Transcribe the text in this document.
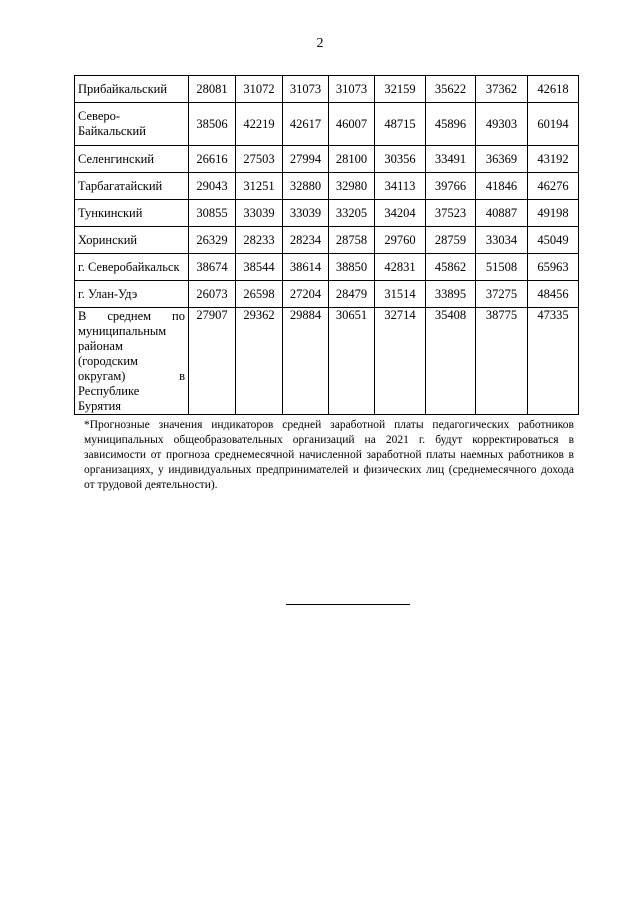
2
Прибайкальский	28081	31072	31073	31073	32159	35622	37362	42618
Северо-Байкальский	38506	42219	42617	46007	48715	45896	49303	60194
Селенгинский	26616	27503	27994	28100	30356	33491	36369	43192
Тарбагатайский	29043	31251	32880	32980	34113	39766	41846	46276
Тункинский	30855	33039	33039	33205	34204	37523	40887	49198
Хоринский	26329	28233	28234	28758	29760	28759	33034	45049
г. Северобайкальск	38674	38544	38614	38850	42831	45862	51508	65963
г. Улан-Удэ	26073	26598	27204	28479	31514	33895	37275	48456
В среднем по муниципальным районам (городским округам) в Республике Бурятия	27907	29362	29884	30651	32714	35408	38775	47335

*Прогнозные значения индикаторов средней заработной платы педагогических работников муниципальных общеобразовательных организаций на 2021 г. будут корректироваться в зависимости от прогноза среднемесячной начисленной заработной платы наемных работников в организациях, у индивидуальных предпринимателей и физических лиц (среднемесячного дохода от трудовой деятельности).
